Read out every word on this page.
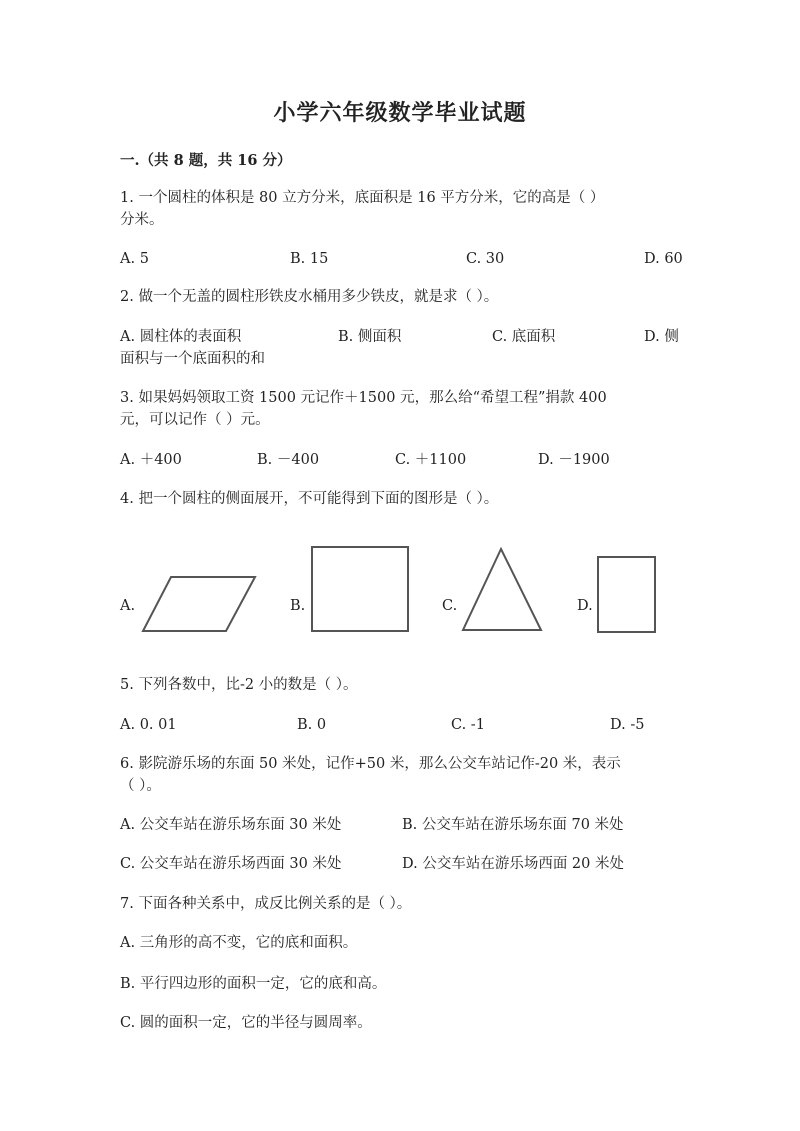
小学六年级数学毕业试题
一.（共 8 题，共 16 分）
1. 一个圆柱的体积是 80 立方分米，底面积是 16 平方分米，它的高是（ ）
分米。
A. 5	B. 15	C. 30	D. 60
2. 做一个无盖的圆柱形铁皮水桶用多少铁皮，就是求（ ）。
A. 圆柱体的表面积	B. 侧面积	C. 底面积	D. 侧
面积与一个底面积的和
3. 如果妈妈领取工资 1500 元记作＋1500 元，那么给“希望工程”捐款 400
元，可以记作（ ）元。
A. ＋400	B. －400	C. ＋1100	D. －1900
4. 把一个圆柱的侧面展开，不可能得到下面的图形是（ ）。
A.	B.	C.	D.
5. 下列各数中，比-2 小的数是（ ）。
A. 0. 01	B. 0	C. -1	D. -5
6. 影院游乐场的东面 50 米处，记作+50 米，那么公交车站记作-20 米，表示
（ ）。
A. 公交车站在游乐场东面 30 米处	B. 公交车站在游乐场东面 70 米处
C. 公交车站在游乐场西面 30 米处	D. 公交车站在游乐场西面 20 米处
7. 下面各种关系中，成反比例关系的是（ ）。
A. 三角形的高不变，它的底和面积。
B. 平行四边形的面积一定，它的底和高。
C. 圆的面积一定，它的半径与圆周率。
